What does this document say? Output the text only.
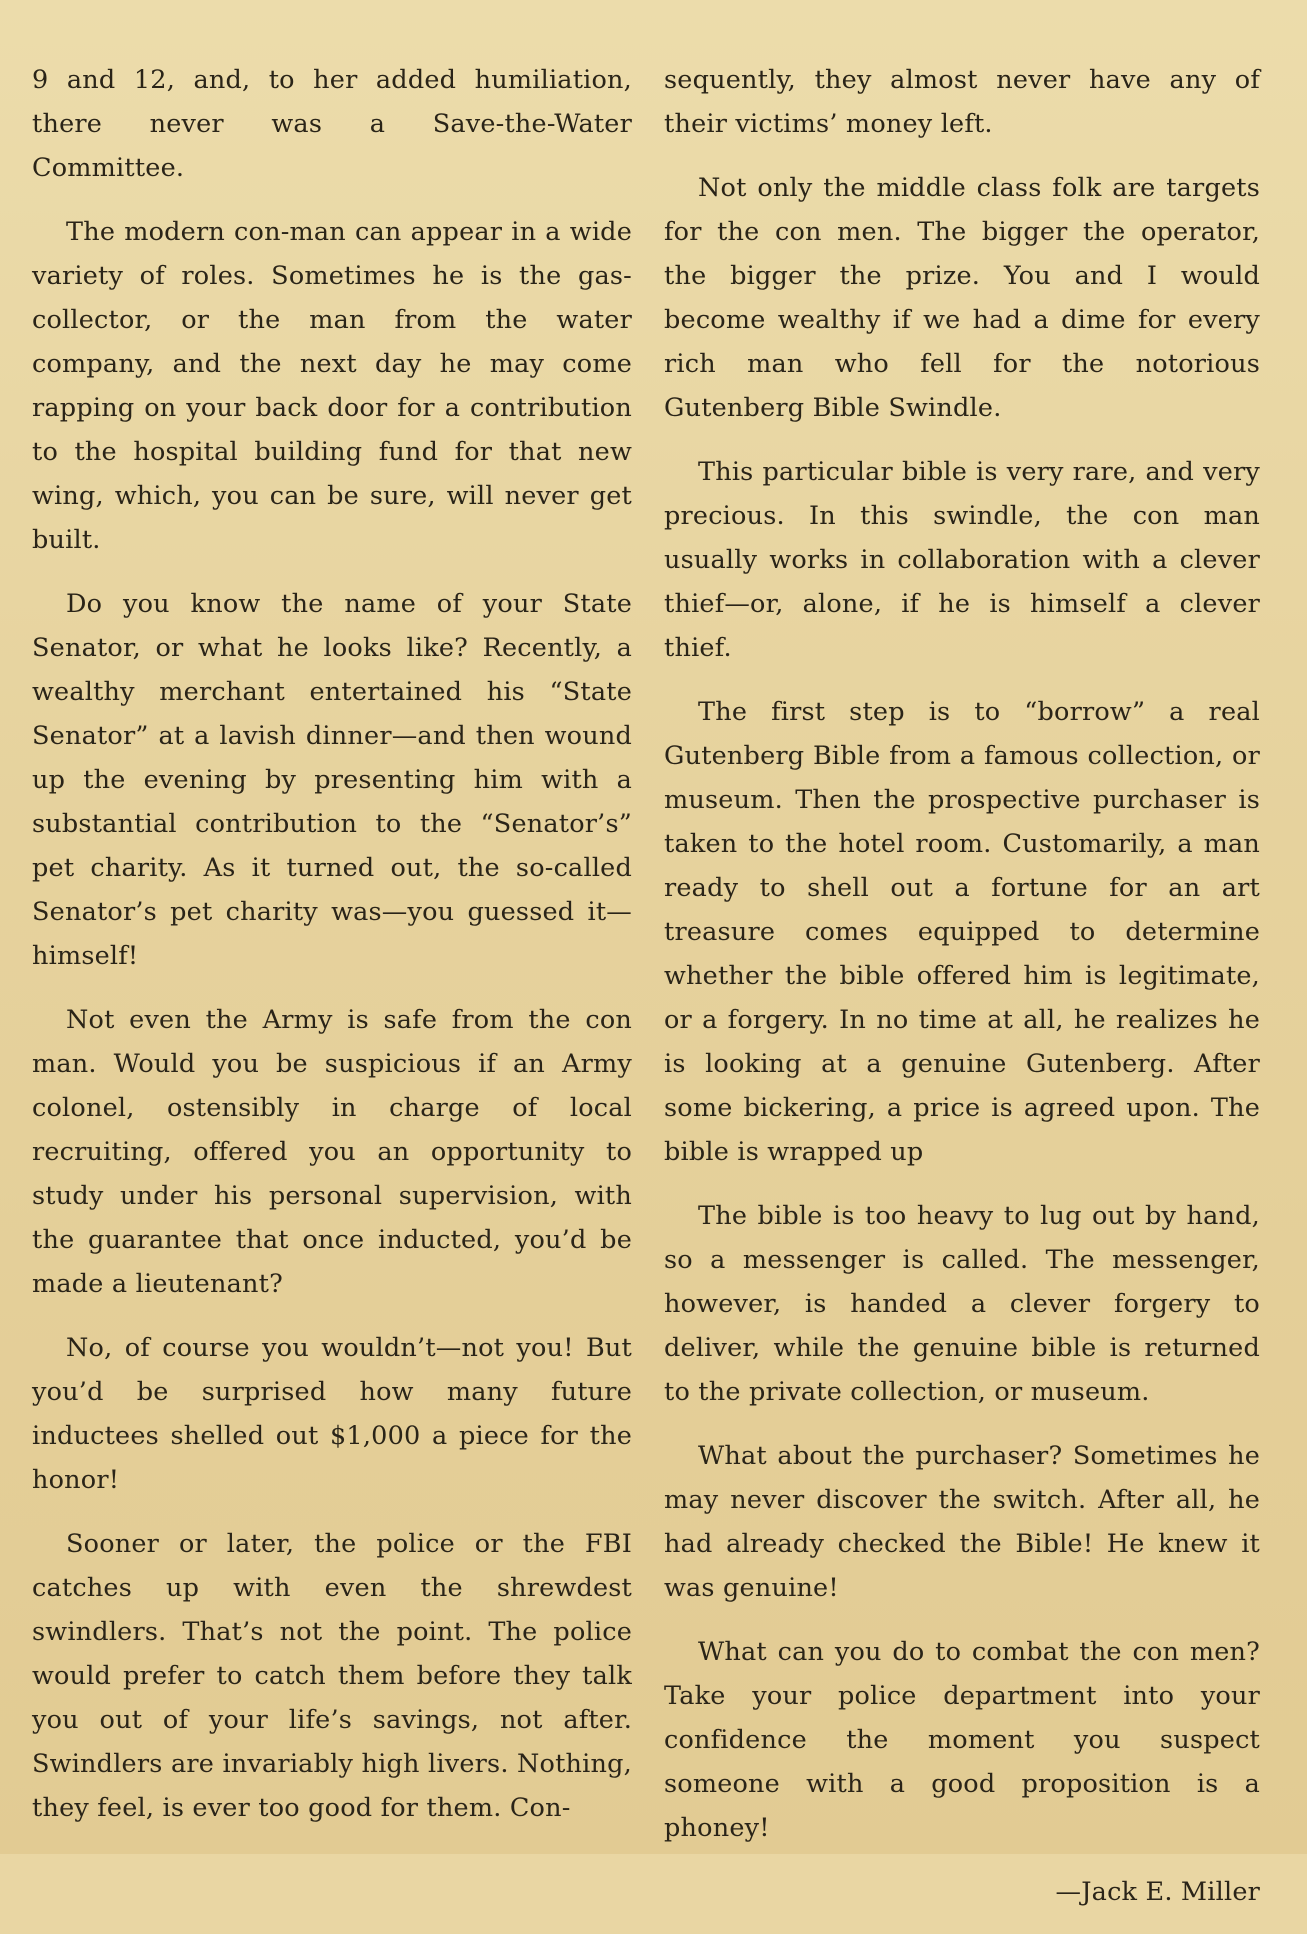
9 and 12, and, to her added humiliation, there never was a Save-the-Water Committee.

The modern con-man can appear in a wide variety of roles. Sometimes he is the gas-collector, or the man from the water company, and the next day he may come rapping on your back door for a contribution to the hospital building fund for that new wing, which, you can be sure, will never get built.

Do you know the name of your State Senator, or what he looks like? Recently, a wealthy merchant entertained his “State Senator” at a lavish dinner—and then wound up the evening by presenting him with a substantial contribution to the “Senator’s” pet charity. As it turned out, the so-called Senator’s pet charity was—you guessed it—himself!

Not even the Army is safe from the con man. Would you be suspicious if an Army colonel, ostensibly in charge of local recruiting, offered you an opportunity to study under his personal supervision, with the guarantee that once inducted, you’d be made a lieutenant?

No, of course you wouldn’t—not you! But you’d be surprised how many future inductees shelled out $1,000 a piece for the honor!

Sooner or later, the police or the FBI catches up with even the shrewdest swindlers. That’s not the point. The police would prefer to catch them before they talk you out of your life’s savings, not after. Swindlers are invariably high livers. Nothing, they feel, is ever too good for them. Con-

sequently, they almost never have any of their victims’ money left.

Not only the middle class folk are targets for the con men. The bigger the operator, the bigger the prize. You and I would become wealthy if we had a dime for every rich man who fell for the notorious Gutenberg Bible Swindle.

This particular bible is very rare, and very precious. In this swindle, the con man usually works in collaboration with a clever thief—or, alone, if he is himself a clever thief.

The first step is to “borrow” a real Gutenberg Bible from a famous collection, or museum. Then the prospective purchaser is taken to the hotel room. Customarily, a man ready to shell out a fortune for an art treasure comes equipped to determine whether the bible offered him is legitimate, or a forgery. In no time at all, he realizes he is looking at a genuine Gutenberg. After some bickering, a price is agreed upon. The bible is wrapped up

The bible is too heavy to lug out by hand, so a messenger is called. The messenger, however, is handed a clever forgery to deliver, while the genuine bible is returned to the private collection, or museum.

What about the purchaser? Sometimes he may never discover the switch. After all, he had already checked the Bible! He knew it was genuine!

What can you do to combat the con men? Take your police department into your confidence the moment you suspect someone with a good proposition is a phoney!

—Jack E. Miller
